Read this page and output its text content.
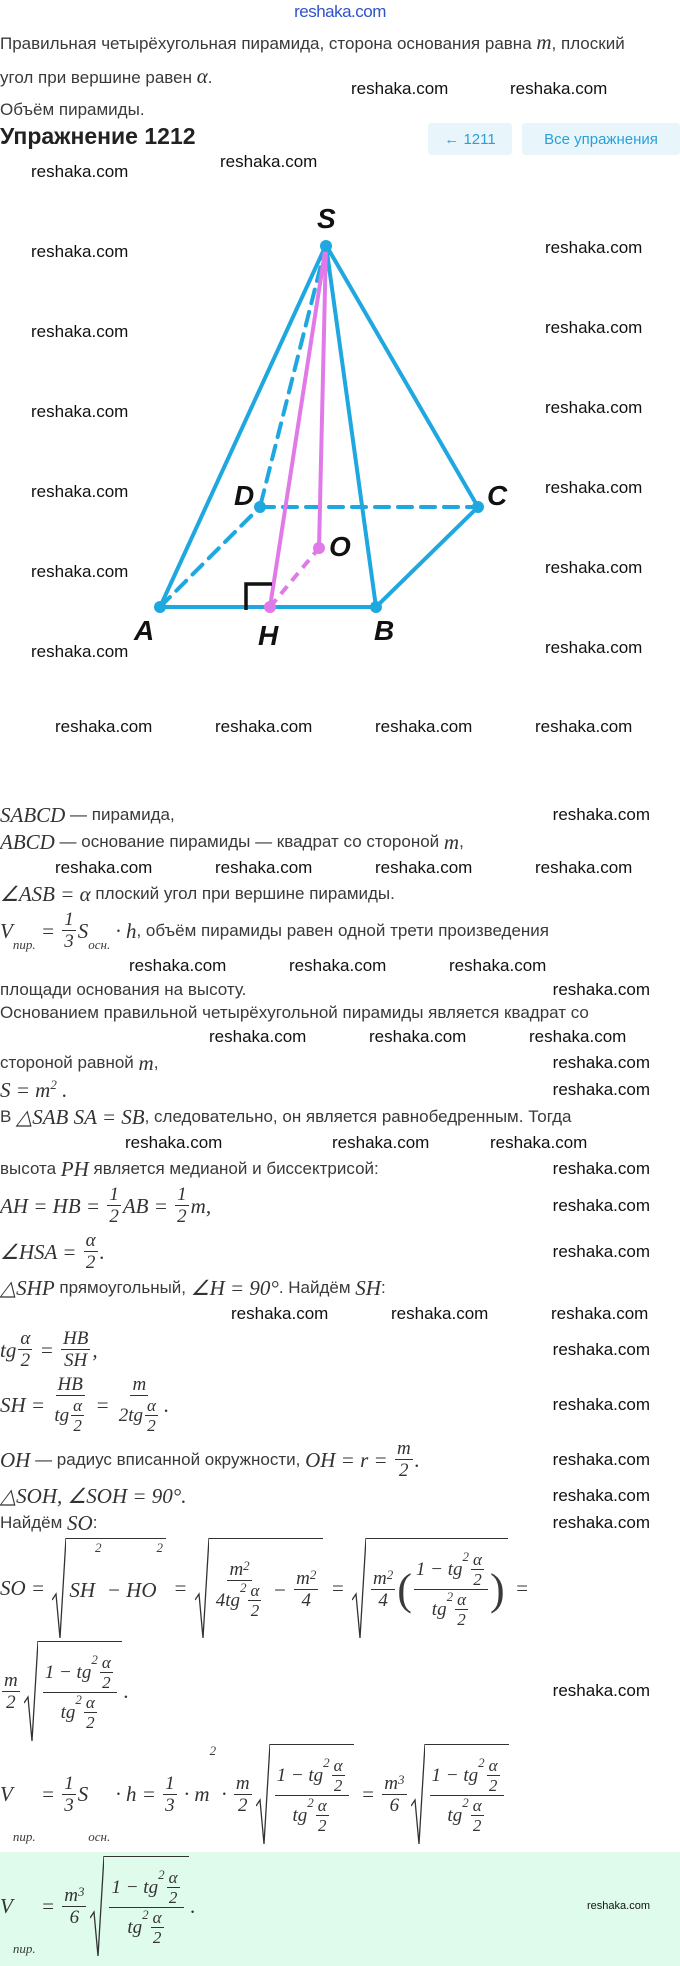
reshaka.com
Правильная четырёхугольная пирамида, сторона основания равна m, плоский
угол при вершине равен α.
Объём пирамиды.
Упражнение 1212	← 1211	Все упражнения
S
A	B
C
D
H
O
reshaka.com	reshaka.com
reshaka.com
reshaka.com
reshaka.com
reshaka.com
reshaka.com
reshaka.com
reshaka.com
reshaka.com
reshaka.com
reshaka.com
reshaka.com
reshaka.com
reshaka.com
reshaka.com
reshaka.com	reshaka.com	reshaka.com	reshaka.com
SABCD — пирамида,	reshaka.com
ABCD — основание пирамиды — квадрат со стороной m ,
reshaka.com	reshaka.com	reshaka.com	reshaka.com
∠ASB = α плоский угол при вершине пирамиды.
V
пир.
= $\frac{1}{3}$ S
осн.
· h , объём пирамиды равен одной трети произведения
reshaka.com	reshaka.com	reshaka.com
площади основания на высоту.	reshaka.com
Основанием правильной четырёхугольной пирамиды является квадрат со
reshaka.com	reshaka.com	reshaka.com
стороной равной m ,	reshaka.com
S = m 2 .	reshaka.com
В △SAB SA = SB , следовательно, он является равнобедренным. Тогда
reshaka.com	reshaka.com	reshaka.com
высота PH является медианой и биссектрисой:	reshaka.com
AH = HB = $\frac{1}{2}$ AB = $\frac{1}{2} m$,	reshaka.com
∠HSA = $\frac{\alpha}{2}$ .	reshaka.com
△SHP прямоугольный, ∠H = 90° . Найдём SH :
reshaka.com	reshaka.com	reshaka.com
tg $\frac{\alpha}{2} = \frac{HB}{SH}$ ,	reshaka.com
SH = $\frac{HB}{tg \frac{\alpha}{2}} = \frac{m}{2tg \frac{\alpha}{2}}$ .	reshaka.com
OH — радиус вписанной окружности, OH = $r = \frac{m}{2}$ .	reshaka.com
△SOH, ∠SOH = 90°.	reshaka.com
Найдём SO :	reshaka.com
SO = SH
2
− HO
2
= m 2
4tg
$2 \frac{\alpha}{2} - \frac{m 2}{4} = \frac{m 2}{4}$ ( 1 − tg
$2 \frac{\alpha}{2}$
tg
$2 \frac{\alpha}{2}$ ) =
$\frac{m}{2} 1$ − tg
$2 \frac{\alpha}{2}$
tg
$2 \frac{\alpha}{2}$ .	reshaka.com
V
пир.
= $\frac{1}{3}$ S
осн.
· $h = \frac{1}{3} \cdot m$
2
· $\frac{m}{2} 1$ − tg
$2 \frac{\alpha}{2}$
tg
$2 \frac{\alpha}{2} = \frac{m 3}{6} 1$ − tg
$2 \frac{\alpha}{2}$
tg
$2 \frac{\alpha}{2}$
V
пир.
= $\frac{m 3}{6} 1$ − tg
$2 \frac{\alpha}{2}$
tg
$2 \frac{\alpha}{2}$ .	reshaka.com
